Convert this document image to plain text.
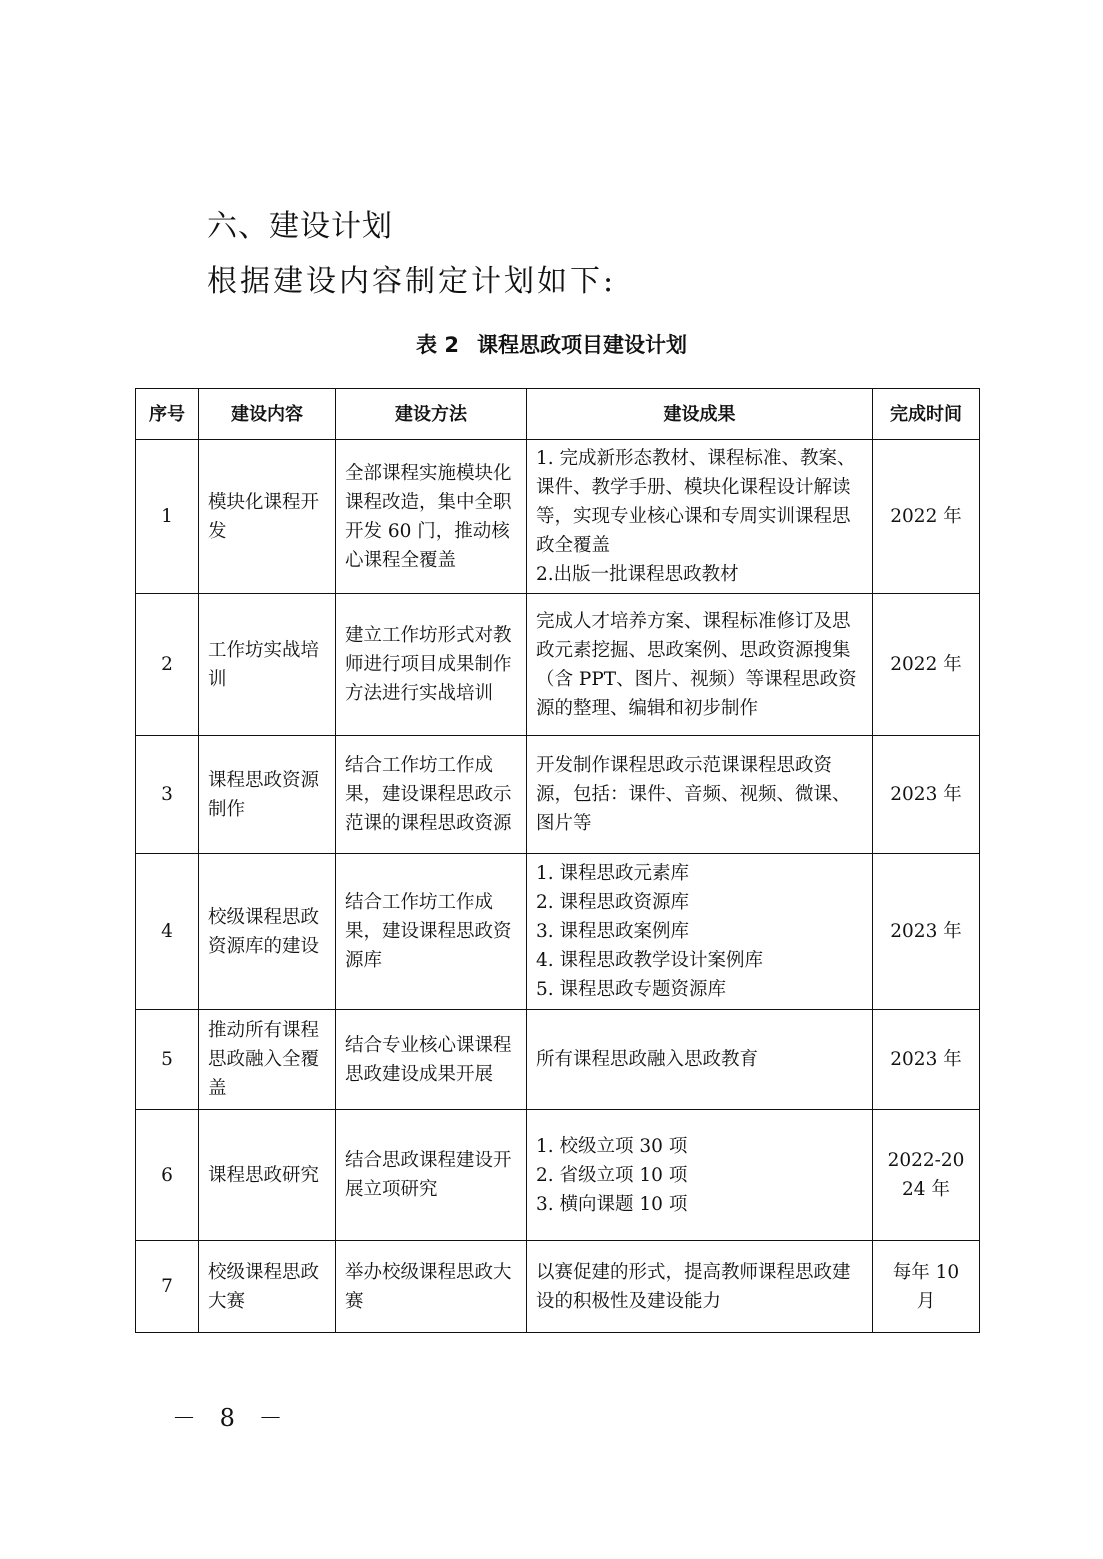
六、建设计划

根据建设内容制定计划如下:

表 2 课程思政项目建设计划
序号	建设内容	建设方法	建设成果	完成时间
1	模块化课程开发	全部课程实施模块化课程改造，集中全职开发 60 门，推动核心课程全覆盖	1. 完成新形态教材、课程标准、教案、课件、教学手册、模块化课程设计解读等，实现专业核心课和专周实训课程思政全覆盖
2.出版一批课程思政教材	2022 年
2	工作坊实战培训	建立工作坊形式对教师进行项目成果制作方法进行实战培训	完成人才培养方案、课程标准修订及思政元素挖掘、思政案例、思政资源搜集（含 PPT、图片、视频）等课程思政资源的整理、编辑和初步制作	2022 年
3	课程思政资源制作	结合工作坊工作成果，建设课程思政示范课的课程思政资源	开发制作课程思政示范课课程思政资源，包括：课件、音频、视频、微课、图片等	2023 年
4	校级课程思政资源库的建设	结合工作坊工作成果，建设课程思政资源库	1. 课程思政元素库
2. 课程思政资源库
3. 课程思政案例库
4. 课程思政教学设计案例库
5. 课程思政专题资源库	2023 年
5	推动所有课程思政融入全覆盖	结合专业核心课课程思政建设成果开展	所有课程思政融入思政教育	2023 年
6	课程思政研究	结合思政课程建设开展立项研究	1. 校级立项 30 项
2. 省级立项 10 项
3. 横向课题 10 项	2022-2024 年
7	校级课程思政大赛	举办校级课程思政大赛	以赛促建的形式，提高教师课程思政建设的积极性及建设能力	每年 10 月
－ 8 －
